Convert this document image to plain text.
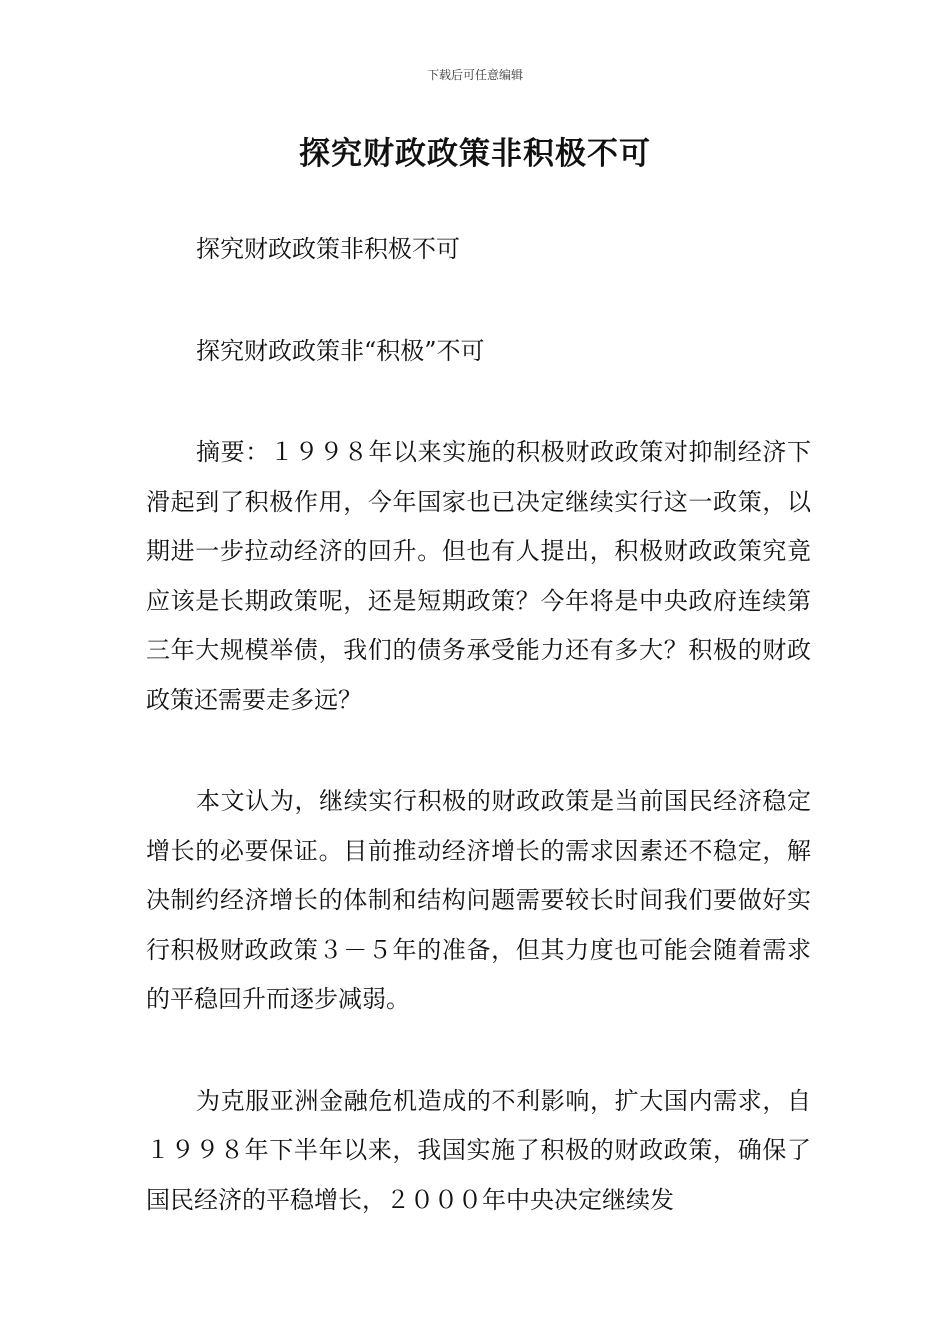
下载后可任意编辑
探究财政政策非积极不可

探究财政政策非积极不可

探究财政政策非“积极”不可

摘要：１９９８年以来实施的积极财政政策对抑制经济下滑起到了积极作用，今年国家也已决定继续实行这一政策，以期进一步拉动经济的回升。但也有人提出，积极财政政策究竟应该是长期政策呢，还是短期政策？今年将是中央政府连续第三年大规模举债，我们的债务承受能力还有多大？积极的财政政策还需要走多远？

本文认为，继续实行积极的财政政策是当前国民经济稳定增长的必要保证。目前推动经济增长的需求因素还不稳定，解决制约经济增长的体制和结构问题需要较长时间我们要做好实行积极财政政策３－５年的准备，但其力度也可能会随着需求的平稳回升而逐步减弱。

为克服亚洲金融危机造成的不利影响，扩大国内需求，自１９９８年下半年以来，我国实施了积极的财政政策，确保了国民经济的平稳增长，２０００年中央决定继续发
